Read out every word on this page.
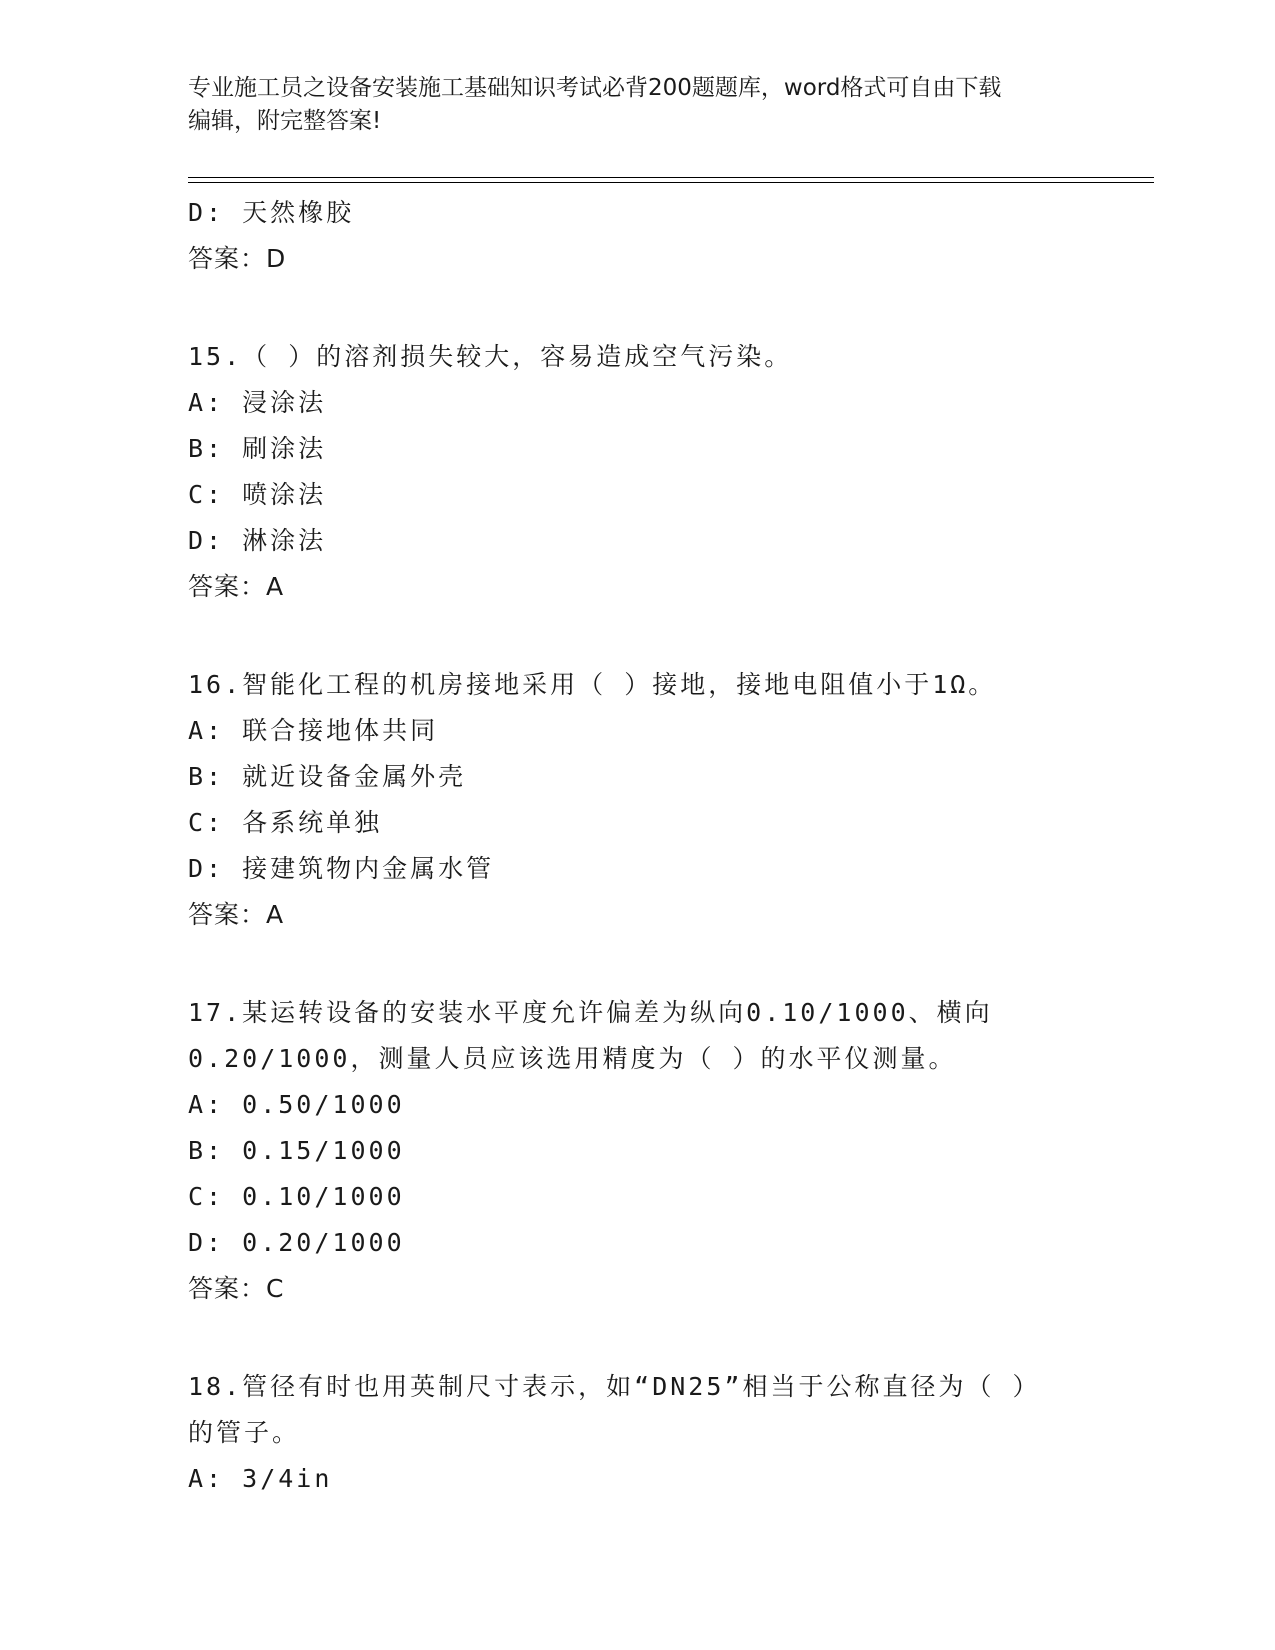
专业施工员之设备安装施工基础知识考试必背200题题库，word格式可自由下载
编辑，附完整答案!
D: 天然橡胶
答案：D
15.（ ）的溶剂损失较大，容易造成空气污染。
A: 浸涂法
B: 刷涂法
C: 喷涂法
D: 淋涂法
答案：A
16.智能化工程的机房接地采用（ ）接地，接地电阻值小于1Ω。
A: 联合接地体共同
B: 就近设备金属外壳
C: 各系统单独
D: 接建筑物内金属水管
答案：A
17.某运转设备的安装水平度允许偏差为纵向0.10/1000、横向
0.20/1000，测量人员应该选用精度为（ ）的水平仪测量。
A: 0.50/1000
B: 0.15/1000
C: 0.10/1000
D: 0.20/1000
答案：C
18.管径有时也用英制尺寸表示，如“DN25”相当于公称直径为（ ）
的管子。
A: 3/4in
